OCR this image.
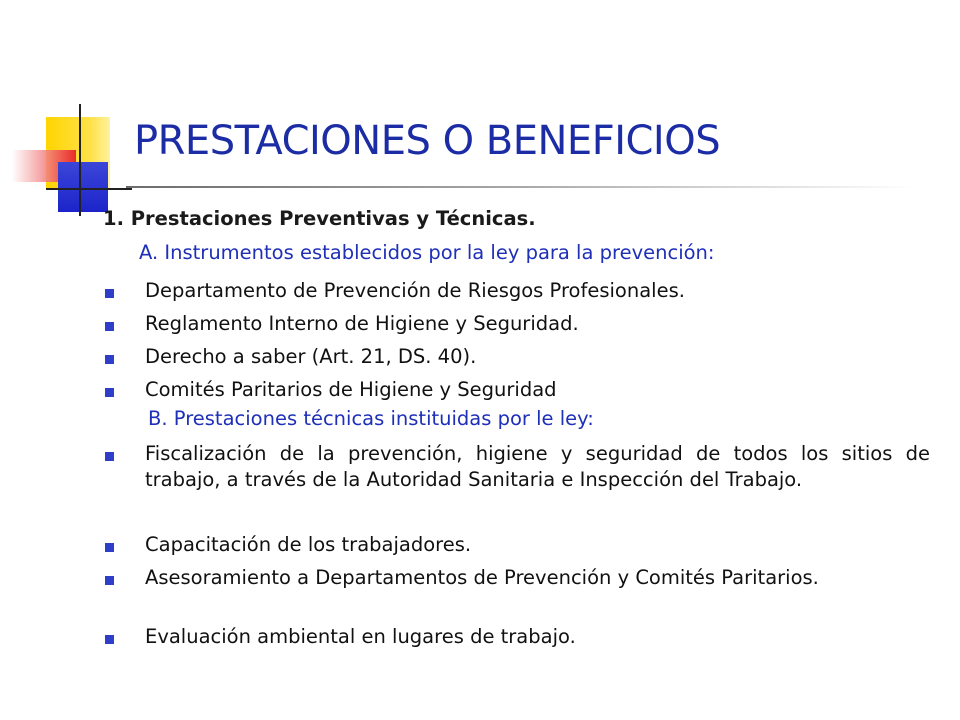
PRESTACIONES O BENEFICIOS

1. Prestaciones Preventivas y Técnicas.

A. Instrumentos establecidos por la ley para la prevención:

Departamento de Prevención de Riesgos Profesionales.
Reglamento Interno de Higiene y Seguridad.
Derecho a saber (Art. 21, DS. 40).
Comités Paritarios de Higiene y Seguridad

B. Prestaciones técnicas instituidas por le ley:

Fiscalización de la prevención, higiene y seguridad de todos los sitios de trabajo, a través de la Autoridad Sanitaria e Inspección del Trabajo.
Capacitación de los trabajadores.
Asesoramiento a Departamentos de Prevención y Comités Paritarios.
Evaluación ambiental en lugares de trabajo.
